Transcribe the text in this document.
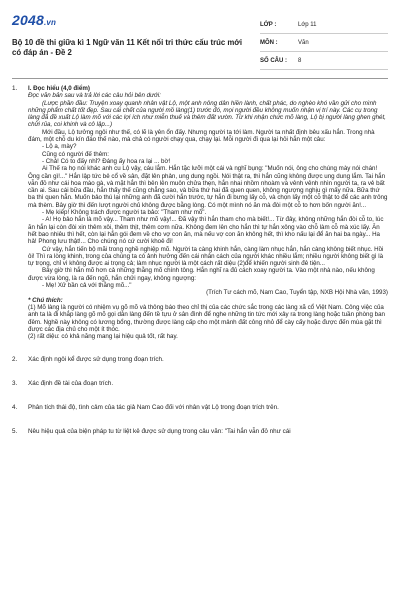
2048.vn
Bộ 10 đề thi giữa kì 1 Ngữ văn 11 Kết nối tri thức cấu trúc mới có đáp án - Đề 2
LỚP :	Lớp 11
MÔN :	Văn
SỐ CÂU :	8
1.	I. Đọc hiểu (4,0 điểm)

Đọc văn bản sau và trả lời các câu hỏi bên dưới:

(Lược phần đầu: Truyện xoay quanh nhân vật Lộ, một anh nông dân hiền lành, chất phác, do nghèo khó vần gửi cho mình những phẩm chất tốt đẹp. Sau cái chết của người mồ làng(1) trước đó, mọi người đều không muốn nhận vị trí này. Các cụ trong làng đã đề xuất Lộ làm mõ với các lợi ích như miễn thuế và thêm đất vườn. Từ khi nhận chức mõ làng, Lộ bị người làng ghen ghét, chửi rủa, coi khinh và cô lập...)

Mới đầu, Lộ tưởng ngôi như thế, có lẽ là yên ổn đấy. Nhưng người ta tới làm. Người ta nhất định bêu xấu hắn. Trong nhà đám, một chỗ du kín đáo thế nào, mà chả có người chạy qua, chạy lại. Mỗi người đi qua lại hỏi hắn một câu:

- Lộ a, mày?

Cũng có người đế thêm:

- Chả! Có to đấy nhỉ? Đáng ấy hoa ra lại ... bờ!

Ai Thế ra họ nói khác anh cu Lộ vậy, cáu lắm. Hắn tặc lưỡi một cái và nghĩ bụng: "Muốn nói, ông cho chúng mày nói chán! Ông cần gì!..." Hắn lập tức bẻ cổ về sân, đặt lên phản, ung dung ngồi. Nói thật ra, thì hắn cũng không được ung dung lắm. Tai hắn vẫn đỏ như cái hoa mào gà, và mặt hắn thì bên lên muôn chửa thẹn, hắn nhai nhồm nhoàm và vênh vênh nhìn người ta, ra vẻ bất cần ai. Sau cái bữa đầu, hắn thấy thế cũng chẳng sao, và bữa thứ hai đã quen quen, không ngượng nghịu gì mấy nữa. Bữa thứ ba thì quen hẳn. Muốn bảo thú lại những anh đã cười hắn trước, tự hắn đi bưng lấy cỗ, và chọn lấy một cỗ thật to để các anh trông mà thèm. Bây giờ thì đến lượt người chủ không được bằng lòng. Có một mình nó ăn mà đòi một cỗ to hơn bốn người ăn!...

- Mẹ kiếp! Không trách được người ta bảo: "Tham như mõ".

- A! Họ bảo hắn là mõ vậy... Tham như mõ vậy!... Đã vậy thì hắn tham cho mà biết!... Từ đây, không những hắn đòi cỗ to, lúc ăn hắn lại còn đòi xin thêm xôi, thêm thịt, thêm cơm nữa. Không đem lên cho hắn thì tự hắn xông vào chỗ làm cỗ mà xúc lấy. Ăn hết bao nhiêu thì hết, còn lại hắn gói đem về cho vợ con ăn, mà nếu vợ con ăn không hết, thì kho nấu lại để ăn hai ba ngày... Ha hả! Phong lưu thật!... Cho chúng nó cứ cười khoẻ đi!

Cứ vậy, hắn tiến bộ mãi trong nghề nghiệp mõ. Người ta càng khinh hắn, càng làm nhục hắn, hắn càng không biết nhục. Hồi ôi! Thì ra lòng khinh, trong của chúng ta có ảnh hưởng đến cái nhân cách của người khác nhiều lắm; nhiều người không biết gì là tự trọng, chỉ vì không được ai trọng cả; làm nhục người là một cách rất diệu (2)để khiến người sinh đê tiện...

Bây giờ thì hắn mõ hơn cả những thằng mõ chính tông. Hắn nghĩ ra đủ cách xoay người ta. Vào một nhà nào, nếu không được vừa lòng, là ra đến ngõ, hắn chửi ngay, không ngượng:

- Mẹ! Xử bần cả với thằng mõ..."

(Trích Tư cách mõ, Nam Cao, Tuyển tập, NXB Hội Nhà văn, 1993)

* Chú thích:

(1) Mõ làng là người có nhiệm vụ gõ mõ và thông báo theo chỉ thị của các chức sắc trong các làng xã cổ Việt Nam. Công việc của anh ta là đi khắp làng gõ mõ gọi dân làng đến tề tựu ở sân đình để nghe những tin tức mới xảy ra trong làng hoặc tuần phòng ban đêm. Nghề này không có lương bổng, thường được làng cấp cho một mảnh đất công nhỏ để cày cấy hoặc được đến mùa gặt thì được các địa chủ cho một ít thóc.

(2) rất diệu: có khả năng mang lại hiệu quả tốt, rất hay.

2.	Xác định ngôi kể được sử dụng trong đoạn trích.

3.	Xác định đề tài của đoạn trích.

4.	Phân tích thái độ, tình cảm của tác giả Nam Cao đối với nhân vật Lộ trong đoạn trích trên.

5.	Nêu hiệu quả của biện pháp tu từ liệt kê được sử dụng trong câu văn: "Tai hắn vẫn đỏ như cái
